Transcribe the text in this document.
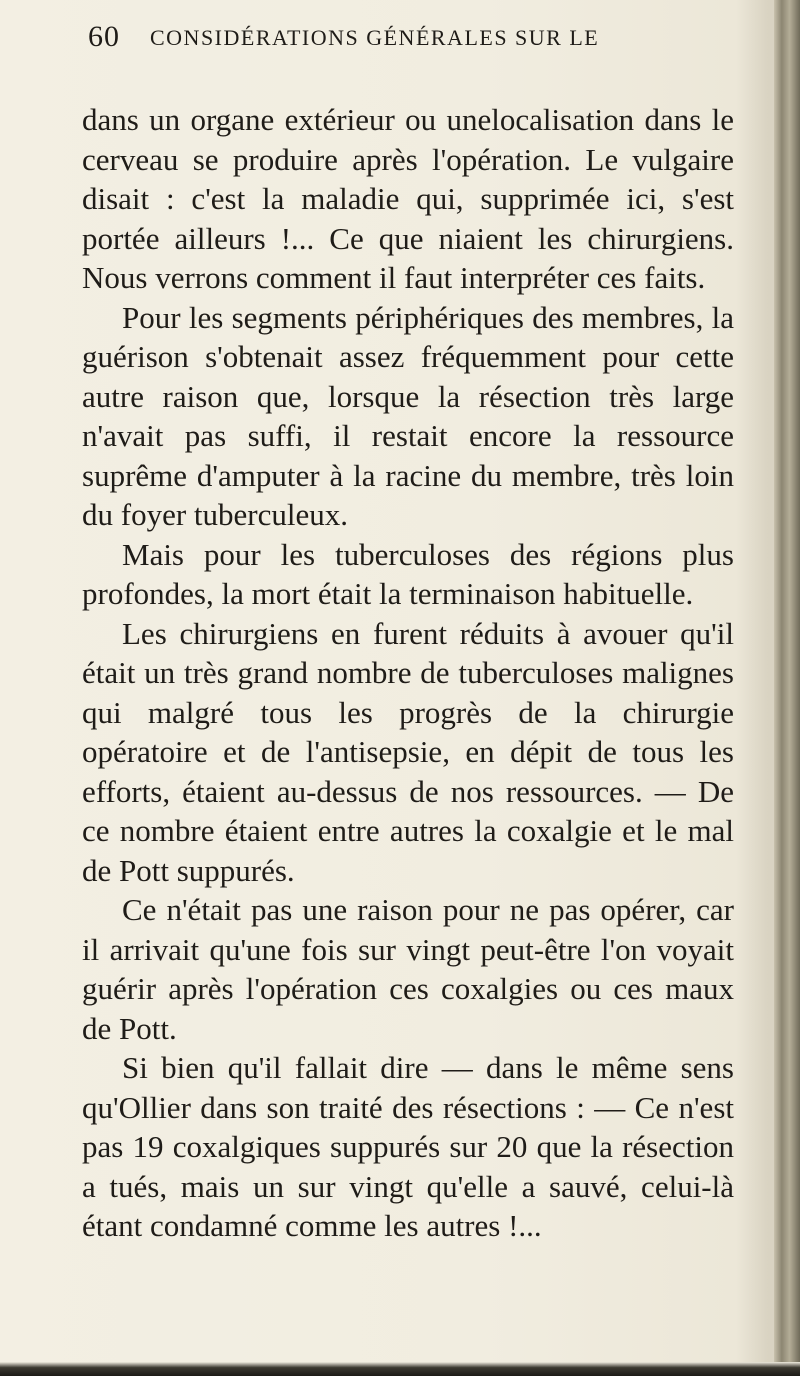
60 CONSIDÉRATIONS GÉNÉRALES SUR LE

dans un organe extérieur ou unelocalisation dans le cerveau se produire après l'opération. Le vulgaire disait : c'est la maladie qui, supprimée ici, s'est portée ailleurs !... Ce que niaient les chirurgiens. Nous verrons comment il faut interpréter ces faits.

Pour les segments périphériques des membres, la guérison s'obtenait assez fréquemment pour cette autre raison que, lorsque la résection très large n'avait pas suffi, il restait encore la ressource suprême d'amputer à la racine du membre, très loin du foyer tuberculeux.

Mais pour les tuberculoses des régions plus profondes, la mort était la terminaison habituelle.

Les chirurgiens en furent réduits à avouer qu'il était un très grand nombre de tuberculoses malignes qui malgré tous les progrès de la chirurgie opératoire et de l'antisepsie, en dépit de tous les efforts, étaient au-dessus de nos ressources. — De ce nombre étaient entre autres la coxalgie et le mal de Pott suppurés.

Ce n'était pas une raison pour ne pas opérer, car il arrivait qu'une fois sur vingt peut-être l'on voyait guérir après l'opération ces coxalgies ou ces maux de Pott.

Si bien qu'il fallait dire — dans le même sens qu'Ollier dans son traité des résections : — Ce n'est pas 19 coxalgiques suppurés sur 20 que la résection a tués, mais un sur vingt qu'elle a sauvé, celui-là étant condamné comme les autres !...
